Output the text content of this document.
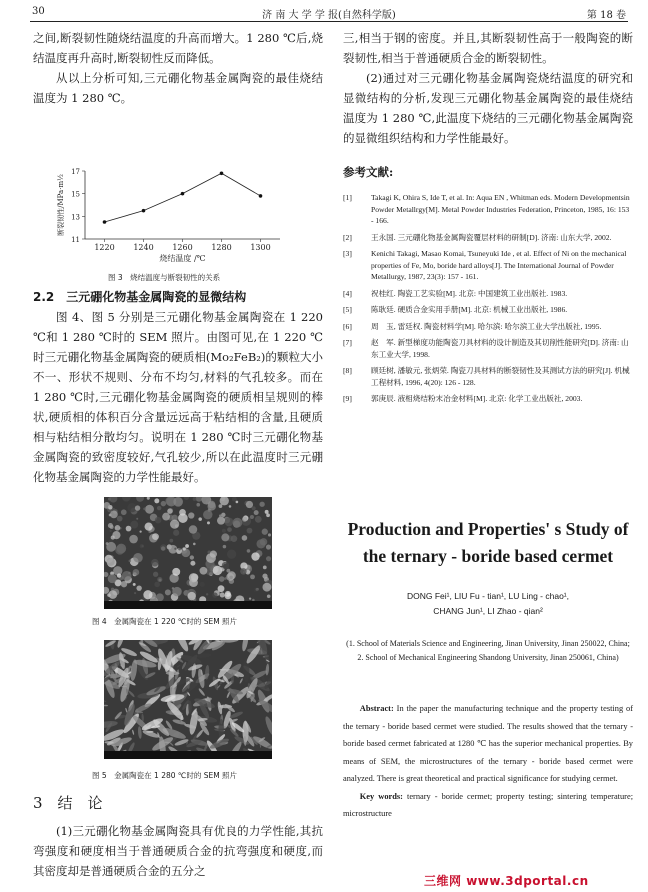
30	济 南 大 学 学 报(自然科学版)	第 18 卷

之间,断裂韧性随烧结温度的升高而增大。1 280 ℃后,烧结温度再升高时,断裂韧性反而降低。

从以上分析可知,三元硼化物基金属陶瓷的最佳烧结温度为 1 280 ℃。

1220 1240 1260 1280 1300
11
13
15
17
烧结温度 /℃
断裂韧性/MPa·m½
图 3　烧结温度与断裂韧性的关系
2.2　三元硼化物基金属陶瓷的显微结构

图 4、图 5 分别是三元硼化物基金属陶瓷在 1 220 ℃和 1 280 ℃时的 SEM 照片。由图可见,在 1 220 ℃时三元硼化物基金属陶瓷的硬质相(Mo₂FeB₂)的颗粒大小不一、形状不规则、分布不均匀,材料的气孔较多。而在 1 280 ℃时,三元硼化物基金属陶瓷的硬质相呈规则的棒状,硬质相的体积百分含量远远高于粘结相的含量,且硬质相与粘结相分散均匀。说明在 1 280 ℃时三元硼化物基金属陶瓷的致密度较好,气孔较少,所以在此温度时三元硼化物基金属陶瓷的力学性能最好。

图 4　金属陶瓷在 1 220 ℃时的 SEM 照片
图 5　金属陶瓷在 1 280 ℃时的 SEM 照片
3　结　论

(1)三元硼化物基金属陶瓷具有优良的力学性能,其抗弯强度和硬度相当于普通硬质合金的抗弯强度和硬度,而其密度却是普通硬质合金的五分之

三,相当于钢的密度。并且,其断裂韧性高于一般陶瓷的断裂韧性,相当于普通硬质合金的断裂韧性。

(2)通过对三元硼化物基金属陶瓷烧结温度的研究和显微结构的分析,发现三元硼化物基金属陶瓷的最佳烧结温度为 1 280 ℃,此温度下烧结的三元硼化物基金属陶瓷的显微组织结构和力学性能最好。

参考文献:

[1]	Takagi K, Ohira S, Ide T, et al. In: Aqua EN , Whitman eds. Modern Developmentsin Powder Metallrgy[M]. Metal Powder Industries Federation, Princeton, 1985, 16: 153 - 166.
[2]	王永国. 三元硼化物基金属陶瓷覆层材料的研制[D]. 济南: 山东大学, 2002.
[3]	Kenichi Takagi, Masao Komai, Tsuneyuki Ide , et al. Effect of Ni on the mechanical properties of Fe, Mo, boride hard alloys[J]. The International Journal of Powder Metallurgy, 1987, 23(3): 157 - 161.
[4]	祝桂红. 陶瓷工艺实验[M]. 北京: 中国建筑工业出版社. 1983.
[5]	陈耿廷. 硬质合金实用手册[M]. 北京: 机械工业出版社, 1986.
[6]	周　玉, 雷廷权. 陶瓷材料学[M]. 哈尔滨: 哈尔滨工业大学出版社, 1995.
[7]	赵　军. 新型梯度功能陶瓷刀具材料的设计制造及其切削性能研究[D]. 济南: 山东工业大学, 1998.
[8]	顾廷树, 潘敏元, 张炳荣. 陶瓷刀具材料的断裂韧性及其测试方法的研究[J]. 机械工程材料, 1996, 4(20): 126 - 128.
[9]	郭庚辰. 液相烧结粉末冶金材料[M]. 北京: 化学工业出版社, 2003.
Production and Properties' s Study of the ternary - boride based cermet
DONG Fei¹, LIU Fu - tian¹, LU Ling - chao¹,
CHANG Jun¹, LI Zhao - qian²
(1. School of Materials Science and Engineering, Jinan University, Jinan 250022, China; 2. School of Mechanical Engineering Shandong University, Jinan 250061, China)
Abstract: In the paper the manufacturing technique and the property testing of the ternary - boride based cermet were studied. The results showed that the ternary - boride based cermet fabricated at 1280 ℃ has the superior mechanical properties. By means of SEM, the microstructures of the ternary - boride based cermet were analyzed. There is great theoretical and practical significance for studying cermet.
Key words: ternary - boride cermet; property testing; sintering temperature; microstructure
三维网 www.3dportal.cn
